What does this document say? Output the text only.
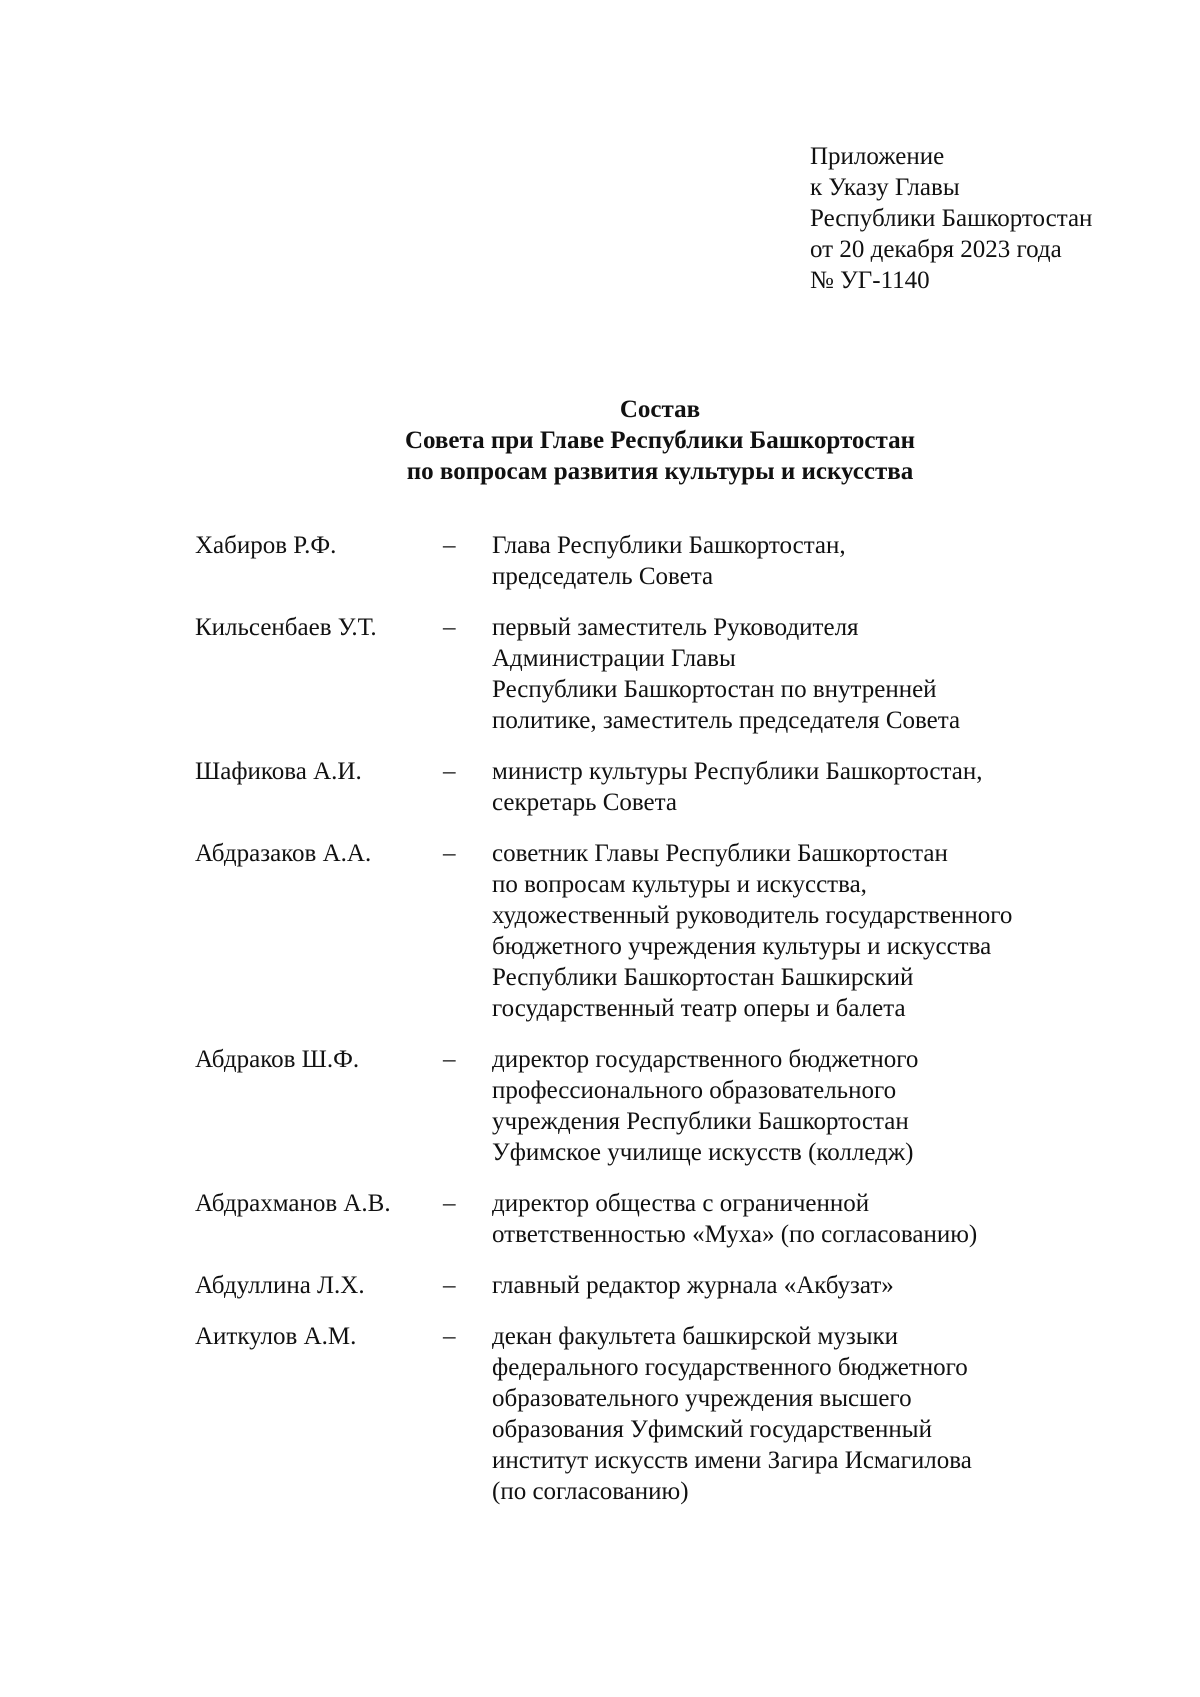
Приложение
к Указу Главы
Республики Башкортостан
от 20 декабря 2023 года
№ УГ-1140
Состав
Совета при Главе Республики Башкортостан
по вопросам развития культуры и искусства
Хабиров Р.Ф.	– Глава Республики Башкортостан,
председатель Совета
Кильсенбаев У.Т.	– первый заместитель Руководителя
Администрации Главы
Республики Башкортостан по внутренней
политике, заместитель председателя Совета
Шафикова А.И.	– министр культуры Республики Башкортостан,
секретарь Совета
Абдразаков А.А.	– советник Главы Республики Башкортостан
по вопросам культуры и искусства,
художественный руководитель государственного
бюджетного учреждения культуры и искусства
Республики Башкортостан Башкирский
государственный театр оперы и балета
Абдраков Ш.Ф.	– директор государственного бюджетного
профессионального образовательного
учреждения Республики Башкортостан
Уфимское училище искусств (колледж)
Абдрахманов А.В. – директор общества с ограниченной
ответственностью «Муха» (по согласованию)
Абдуллина Л.Х.	– главный редактор журнала «Акбузат»
Аиткулов А.М.	– декан факультета башкирской музыки
федерального государственного бюджетного
образовательного учреждения высшего
образования Уфимский государственный
институт искусств имени Загира Исмагилова
(по согласованию)
